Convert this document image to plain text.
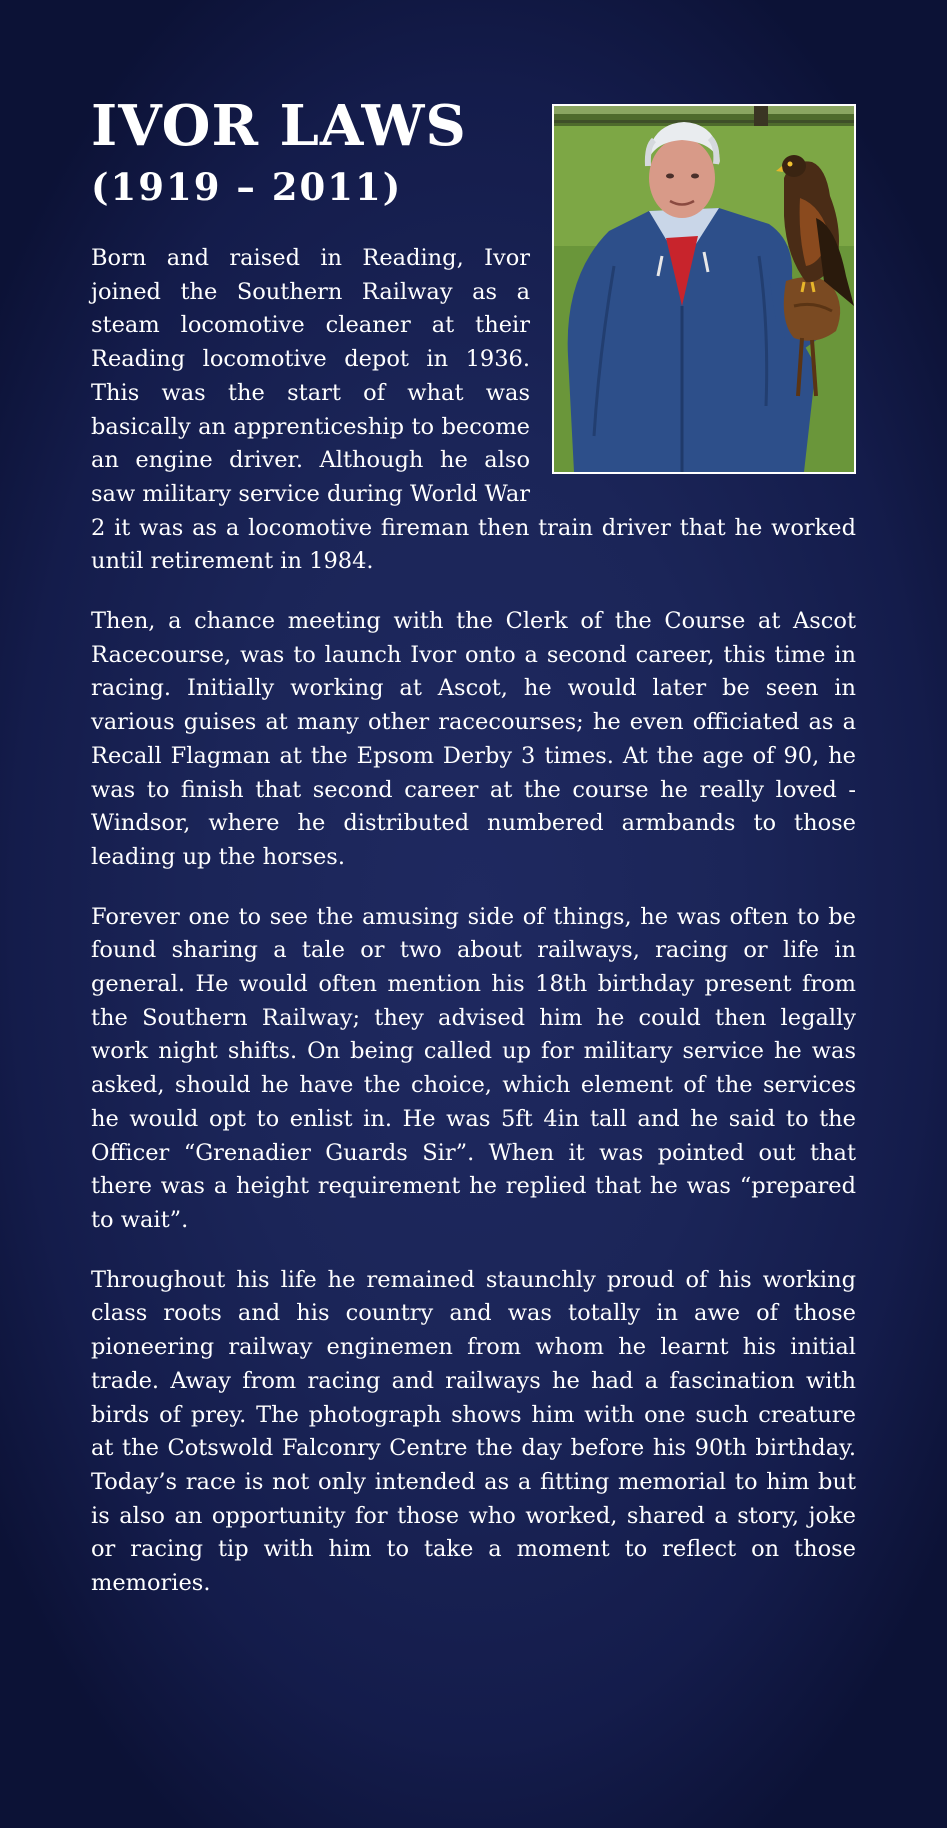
IVOR LAWS
(1919 – 2011)

Born and raised in Reading, Ivor joined the Southern Railway as a steam locomotive cleaner at their Reading locomotive depot in 1936. This was the start of what was basically an apprenticeship to become an engine driver. Although he also saw military service during World War 2 it was as a locomotive fireman then train driver that he worked until retirement in 1984.

Then, a chance meeting with the Clerk of the Course at Ascot Racecourse, was to launch Ivor onto a second career, this time in racing. Initially working at Ascot, he would later be seen in various guises at many other racecourses; he even officiated as a Recall Flagman at the Epsom Derby 3 times. At the age of 90, he was to finish that second career at the course he really loved - Windsor, where he distributed numbered armbands to those leading up the horses.

Forever one to see the amusing side of things, he was often to be found sharing a tale or two about railways, racing or life in general. He would often mention his 18th birthday present from the Southern Railway; they advised him he could then legally work night shifts. On being called up for military service he was asked, should he have the choice, which element of the services he would opt to enlist in. He was 5ft 4in tall and he said to the Officer “Grenadier Guards Sir”. When it was pointed out that there was a height requirement he replied that he was “prepared to wait”.

Throughout his life he remained staunchly proud of his working class roots and his country and was totally in awe of those pioneering railway enginemen from whom he learnt his initial trade. Away from racing and railways he had a fascination with birds of prey. The photograph shows him with one such creature at the Cotswold Falconry Centre the day before his 90th birthday. Today’s race is not only intended as a fitting memorial to him but is also an opportunity for those who worked, shared a story, joke or racing tip with him to take a moment to reflect on those memories.
